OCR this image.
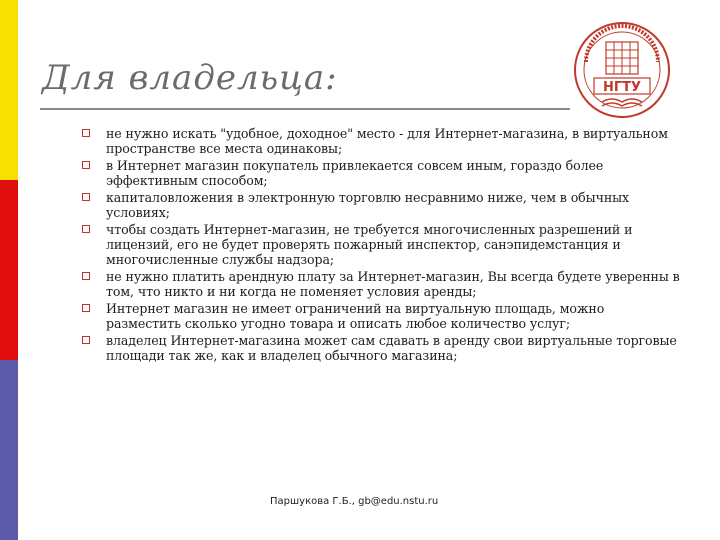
Для владельца:	НГТУ
не нужно искать "удобное, доходное" место - для Интернет-магазина, в виртуальном пространстве все места одинаковы;
в Интернет магазин покупатель привлекается совсем иным, гораздо более эффективным способом;
капиталовложения в электронную торговлю несравнимо ниже, чем в обычных условиях;
чтобы создать Интернет-магазин, не требуется многочисленных разрешений и лицензий, его не будет проверять пожарный инспектор, санэпидемстанция и многочисленные службы надзора;
не нужно платить арендную плату за Интернет-магазин, Вы всегда будете уверенны в том, что никто и ни когда не поменяет условия аренды;
Интернет магазин не имеет ограничений на виртуальную площадь, можно разместить сколько угодно товара и описать любое количество услуг;
владелец Интернет-магазина может сам сдавать в аренду свои виртуальные торговые площади так же, как и владелец обычного магазина;
Паршукова Г.Б., gb@edu.nstu.ru
